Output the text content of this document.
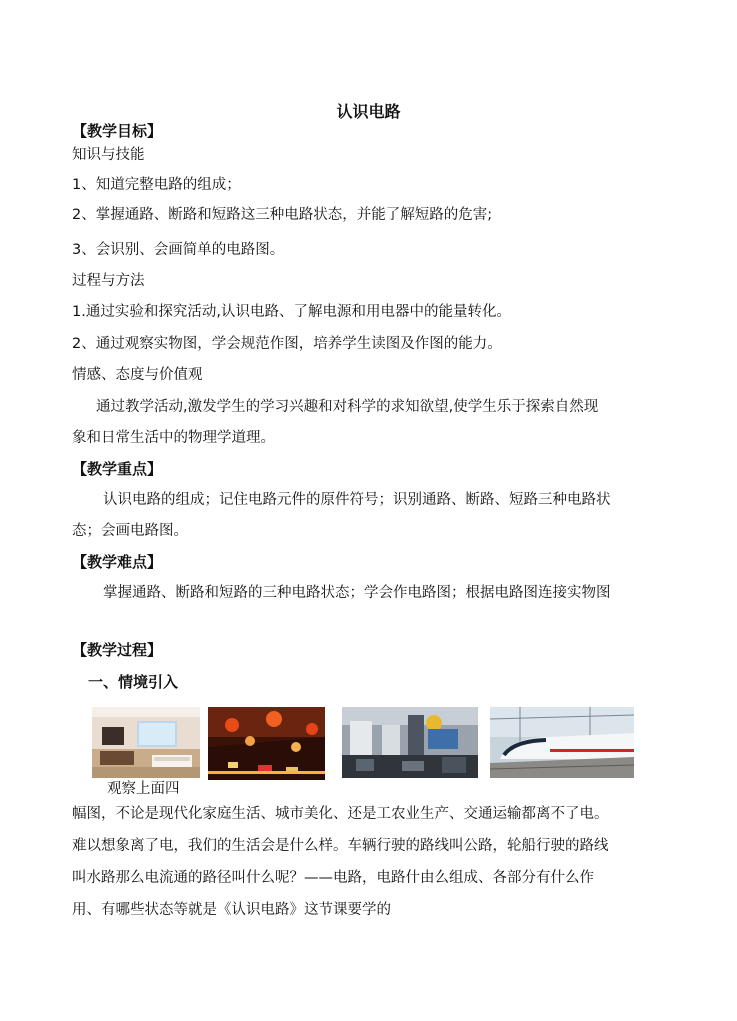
认识电路
【教学目标】
知识与技能
1、知道完整电路的组成；
2、掌握通路、断路和短路这三种电路状态，并能了解短路的危害;
3、会识别、会画简单的电路图。
过程与方法
1.通过实验和探究活动,认识电路、了解电源和用电器中的能量转化。
2、通过观察实物图，学会规范作图，培养学生读图及作图的能力。
情感、态度与价值观
通过教学活动,激发学生的学习兴趣和对科学的求知欲望,使学生乐于探索自然现
象和日常生活中的物理学道理。
【教学重点】
认识电路的组成；记住电路元件的原件符号；识别通路、断路、短路三种电路状
态；会画电路图。
【教学难点】
掌握通路、断路和短路的三种电路状态；学会作电路图；根据电路图连接实物图
【教学过程】
一、情境引入
观察上面四
幅图，不论是现代化家庭生活、城市美化、还是工农业生产、交通运输都离不了电。
难以想象离了电，我们的生活会是什么样。车辆行驶的路线叫公路，轮船行驶的路线
叫水路那么电流通的路径叫什么呢？——电路，电路什由么组成、各部分有什么作
用、有哪些状态等就是《认识电路》这节课要学的
